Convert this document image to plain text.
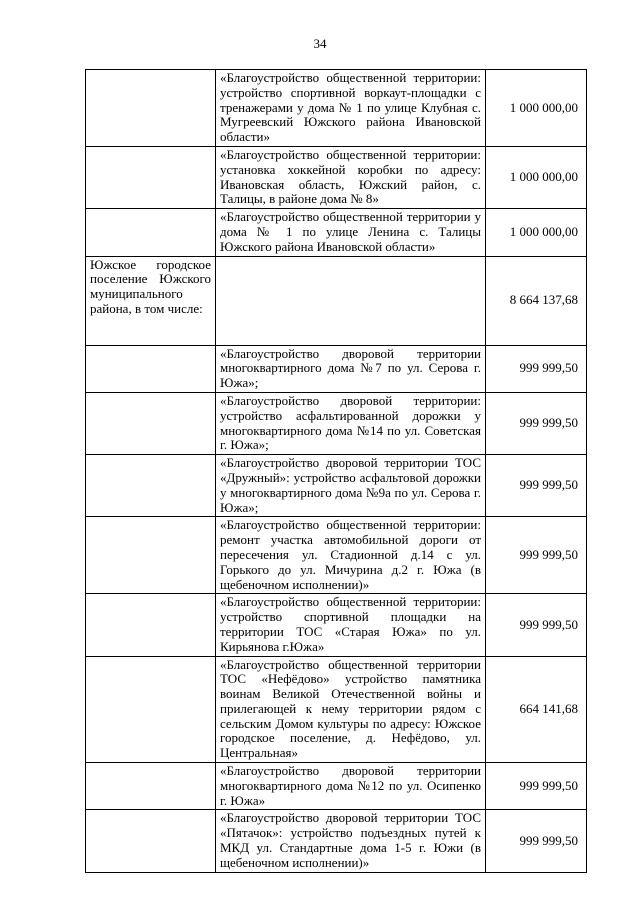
34
	«Благоустройство общественной территории: устройство спортивной воркаут-площадки с тренажерами у дома № 1 по улице Клубная с. Мугреевский Южского района Ивановской области»	1 000 000,00
	«Благоустройство общественной территории: установка хоккейной коробки по адресу: Ивановская область, Южский район, с. Талицы, в районе дома № 8»	1 000 000,00
	«Благоустройство общественной территории у дома № 1 по улице Ленина с. Талицы Южского района Ивановской области»	1 000 000,00
Южское городское поселение Южского муниципального района, в том числе:		8 664 137,68
	«Благоустройство дворовой территории многоквартирного дома №7 по ул. Серова г. Южа»;	999 999,50
	«Благоустройство дворовой территории: устройство асфальтированной дорожки у многоквартирного дома №14 по ул. Советская г. Южа»;	999 999,50
	«Благоустройство дворовой территории ТОС «Дружный»: устройство асфальтовой дорожки у многоквартирного дома №9а по ул. Серова г. Южа»;	999 999,50
	«Благоустройство общественной территории: ремонт участка автомобильной дороги от пересечения ул. Стадионной д.14 с ул. Горького до ул. Мичурина д.2 г. Южа (в щебеночном исполнении)»	999 999,50
	«Благоустройство общественной территории: устройство спортивной площадки на территории ТОС «Старая Южа» по ул. Кирьянова г.Южа»	999 999,50
	«Благоустройство общественной территории ТОС «Нефёдово» устройство памятника воинам Великой Отечественной войны и прилегающей к нему территории рядом с сельским Домом культуры по адресу: Южское городское поселение, д. Нефёдово, ул. Центральная»	664 141,68
	«Благоустройство дворовой территории многоквартирного дома №12 по ул. Осипенко г. Южа»	999 999,50
	«Благоустройство дворовой территории ТОС «Пятачок»: устройство подъездных путей к МКД ул. Стандартные дома 1-5 г. Южи (в щебеночном исполнении)»	999 999,50
